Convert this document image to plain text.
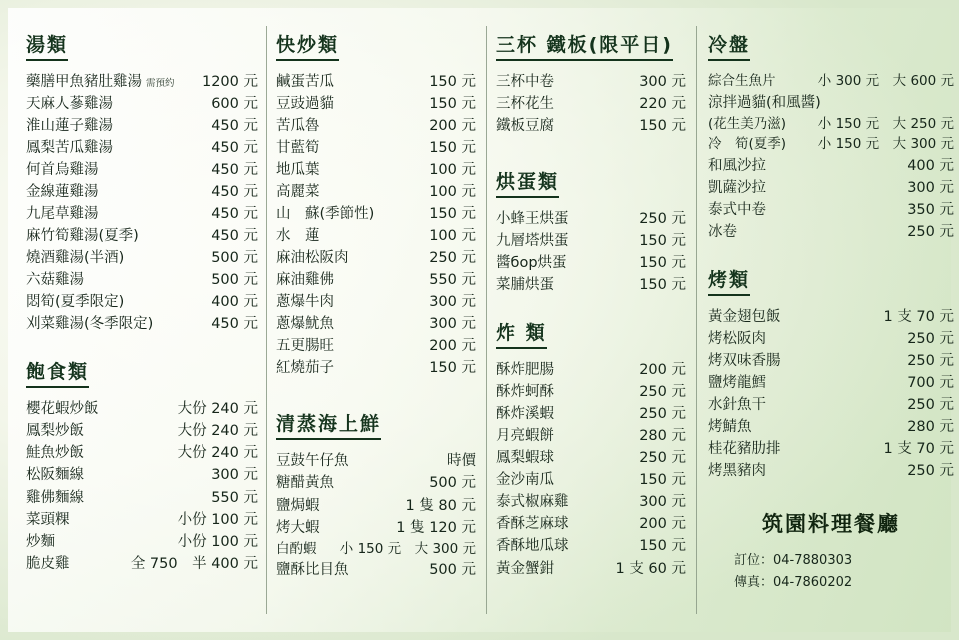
湯類
藥膳甲魚豬肚雞湯 需預約 1200 元
天麻人蔘雞湯	600 元
淮山蓮子雞湯	450 元
鳳梨苦瓜雞湯	450 元
何首烏雞湯	450 元
金線蓮雞湯	450 元
九尾草雞湯	450 元
麻竹筍雞湯(夏季)	450 元
燒酒雞湯(半酒)	500 元
六菇雞湯	500 元
悶筍(夏季限定)	400 元
刈菜雞湯(冬季限定)	450 元
飽食類
櫻花蝦炒飯	大份 240 元
鳳梨炒飯	大份 240 元
鮭魚炒飯	大份 240 元
松阪麵線	300 元
雞佛麵線	550 元
菜頭粿	小份 100 元
炒麵	小份 100 元
脆皮雞	全 750　半 400 元
快炒類
鹹蛋苦瓜	150 元
豆豉過貓	150 元
苦瓜魯	200 元
甘藍筍	150 元
地瓜葉	100 元
高麗菜	100 元
山　蘇(季節性)	150 元
水　蓮	100 元
麻油松阪肉	250 元
麻油雞佛	550 元
蔥爆牛肉	300 元
蔥爆魷魚	300 元
五更腸旺	200 元
紅燒茄子	150 元
清蒸海上鮮
豆鼓午仔魚	時價
糖醋黃魚	500 元
鹽焗蝦	1 隻 80 元
烤大蝦	1 隻 120 元
白酌蝦 小 150 元　大 300 元
鹽酥比目魚	500 元
三杯 鐵板(限平日)
三杯中卷	300 元
三杯花生	220 元
鐵板豆腐	150 元
烘蛋類
小蜂王烘蛋	250 元
九層塔烘蛋	150 元
醬бор烘蛋	150 元
菜脯烘蛋	150 元
炸 類
酥炸肥腸	200 元
酥炸蚵酥	250 元
酥炸溪蝦	250 元
月亮蝦餅	280 元
鳳梨蝦球	250 元
金沙南瓜	150 元
泰式椒麻雞	300 元
香酥芝麻球	200 元
香酥地瓜球	150 元
黃金蟹鉗	1 支 60 元
冷盤
綜合生魚片	小 300 元　大 600 元
涼拌過貓(和風醬)
(花生美乃滋) 小 150 元　大 250 元
冷　筍(夏季) 小 150 元　大 300 元
和風沙拉	400 元
凱薩沙拉	300 元
泰式中卷	350 元
冰卷	250 元
烤類
黃金翅包飯	1 支 70 元
烤松阪肉	250 元
烤双味香腸	250 元
鹽烤龍鱈	700 元
水針魚干	250 元
烤鯖魚	280 元
桂花豬肋排	1 支 70 元
烤黑豬肉	250 元
筑園料理餐廳
訂位：04-7880303
傳真：04-7860202
